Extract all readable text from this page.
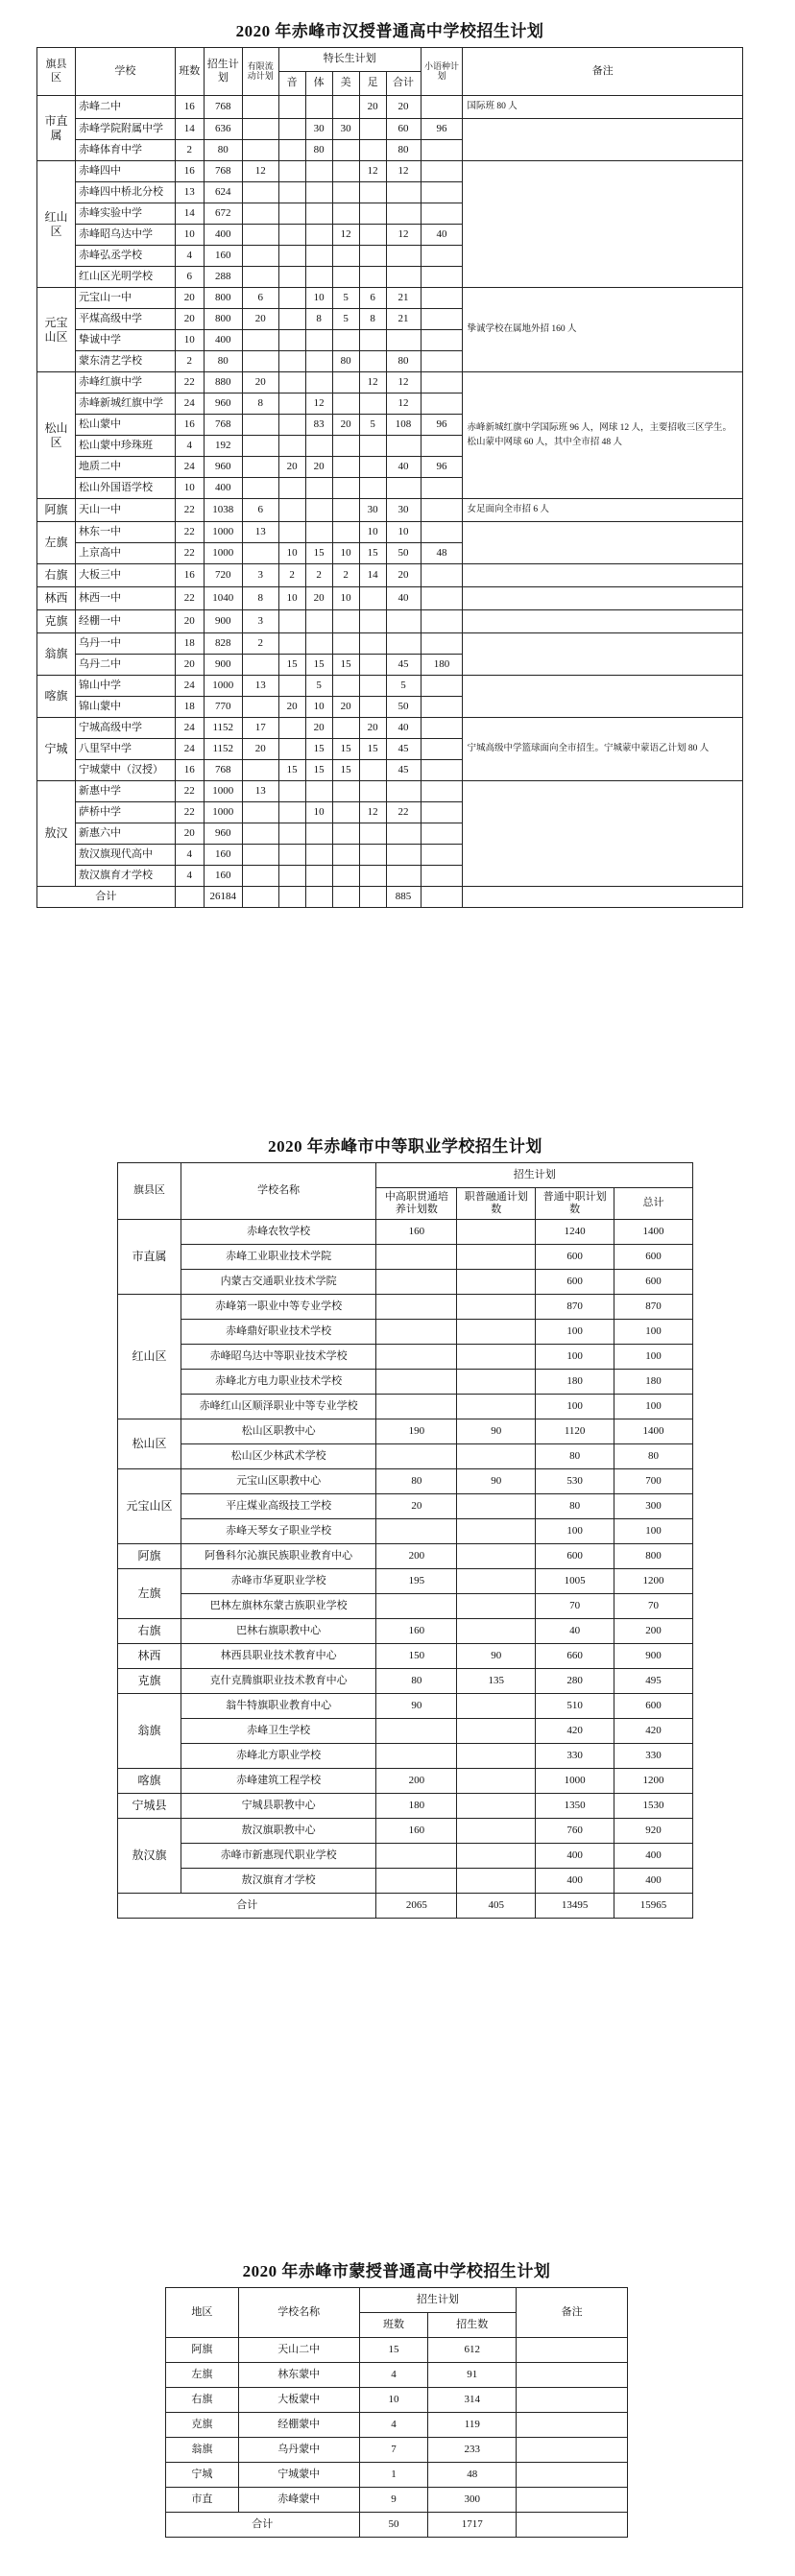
2020 年赤峰市汉授普通高中学校招生计划
旗县区	学校	班数	招生计划	有限流动计划	特长生计划					小语种计划	备注
					音	体	美	足	合计		
市直属	赤峰二中	16	768					20	20		国际班 80 人
	赤峰学院附属中学	14	636			30	30		60	96	
	赤峰体育中学	2	80			80			80		
红山区	赤峰四中	16	768	12				12	12		
	赤峰四中桥北分校	13	624								
	赤峰实验中学	14	672								
	赤峰昭乌达中学	10	400				12		12	40	
	赤峰弘丞学校	4	160								
	红山区光明学校	6	288								
元宝山区	元宝山一中	20	800	6		10	5	6	21		挚诚学校在属地外招 160 人
	平煤高级中学	20	800	20		8	5	8	21		
	挚诚中学	10	400								
	蒙东清艺学校	2	80				80		80		
松山区	赤峰红旗中学	22	880	20				12	12		赤峰新城红旗中学国际班 96 人，网球 12 人，主要招收三区学生。松山蒙中网球 60 人，其中全市招 48 人
	赤峰新城红旗中学	24	960	8		12			12		
	松山蒙中	16	768			83	20	5	108	96	
	松山蒙中珍珠班	4	192								
	地质二中	24	960		20	20			40	96	
	松山外国语学校	10	400								
阿旗	天山一中	22	1038	6				30	30		女足面向全市招 6 人
左旗	林东一中	22	1000	13				10	10		
	上京高中	22	1000		10	15	10	15	50	48	
右旗	大板三中	16	720	3	2	2	2	14	20		
林西	林西一中	22	1040	8	10	20	10		40		
克旗	经棚一中	20	900	3							
翁旗	乌丹一中	18	828	2							
	乌丹二中	20	900		15	15	15		45	180	
喀旗	锦山中学	24	1000	13		5			5		
	锦山蒙中	18	770		20	10	20		50		
宁城	宁城高级中学	24	1152	17		20		20	40		宁城高级中学篮球面向全市招生。宁城蒙中蒙语乙计划 80 人
	八里罕中学	24	1152	20		15	15	15	45		
	宁城蒙中（汉授）	16	768		15	15	15		45		
敖汉	新惠中学	22	1000	13							
	萨桥中学	22	1000			10		12	22		
	新惠六中	20	960								
	敖汉旗现代高中	4	160								
	敖汉旗育才学校	4	160								
合计			26184						885		
2020 年赤峰市中等职业学校招生计划
旗县区	学校名称	招生计划			
		中高职贯通培养计划数	职普融通计划数	普通中职计划数	总计
市直属	赤峰农牧学校	160		1240	1400
	赤峰工业职业技术学院			600	600
	内蒙古交通职业技术学院			600	600
红山区	赤峰第一职业中等专业学校			870	870
	赤峰鼎好职业技术学校			100	100
	赤峰昭乌达中等职业技术学校			100	100
	赤峰北方电力职业技术学校			180	180
	赤峰红山区顺泽职业中等专业学校			100	100
松山区	松山区职教中心	190	90	1120	1400
	松山区少林武术学校			80	80
元宝山区	元宝山区职教中心	80	90	530	700
	平庄煤业高级技工学校	20		80	300
	赤峰天琴女子职业学校			100	100
阿旗	阿鲁科尔沁旗民族职业教育中心	200		600	800
左旗	赤峰市华夏职业学校	195		1005	1200
	巴林左旗林东蒙古族职业学校			70	70
右旗	巴林右旗职教中心	160		40	200
林西	林西县职业技术教育中心	150	90	660	900
克旗	克什克腾旗职业技术教育中心	80	135	280	495
翁旗	翁牛特旗职业教育中心	90		510	600
	赤峰卫生学校			420	420
	赤峰北方职业学校			330	330
喀旗	赤峰建筑工程学校	200		1000	1200
宁城县	宁城县职教中心	180		1350	1530
敖汉旗	敖汉旗职教中心	160		760	920
	赤峰市新惠现代职业学校			400	400
	敖汉旗育才学校			400	400
合计		2065	405	13495	15965
2020 年赤峰市蒙授普通高中学校招生计划
地区	学校名称	招生计划		备注
		班数	招生数	
阿旗	天山二中	15	612	
左旗	林东蒙中	4	91	
右旗	大板蒙中	10	314	
克旗	经棚蒙中	4	119	
翁旗	乌丹蒙中	7	233	
宁城	宁城蒙中	1	48	
市直	赤峰蒙中	9	300	
合计		50	1717	
